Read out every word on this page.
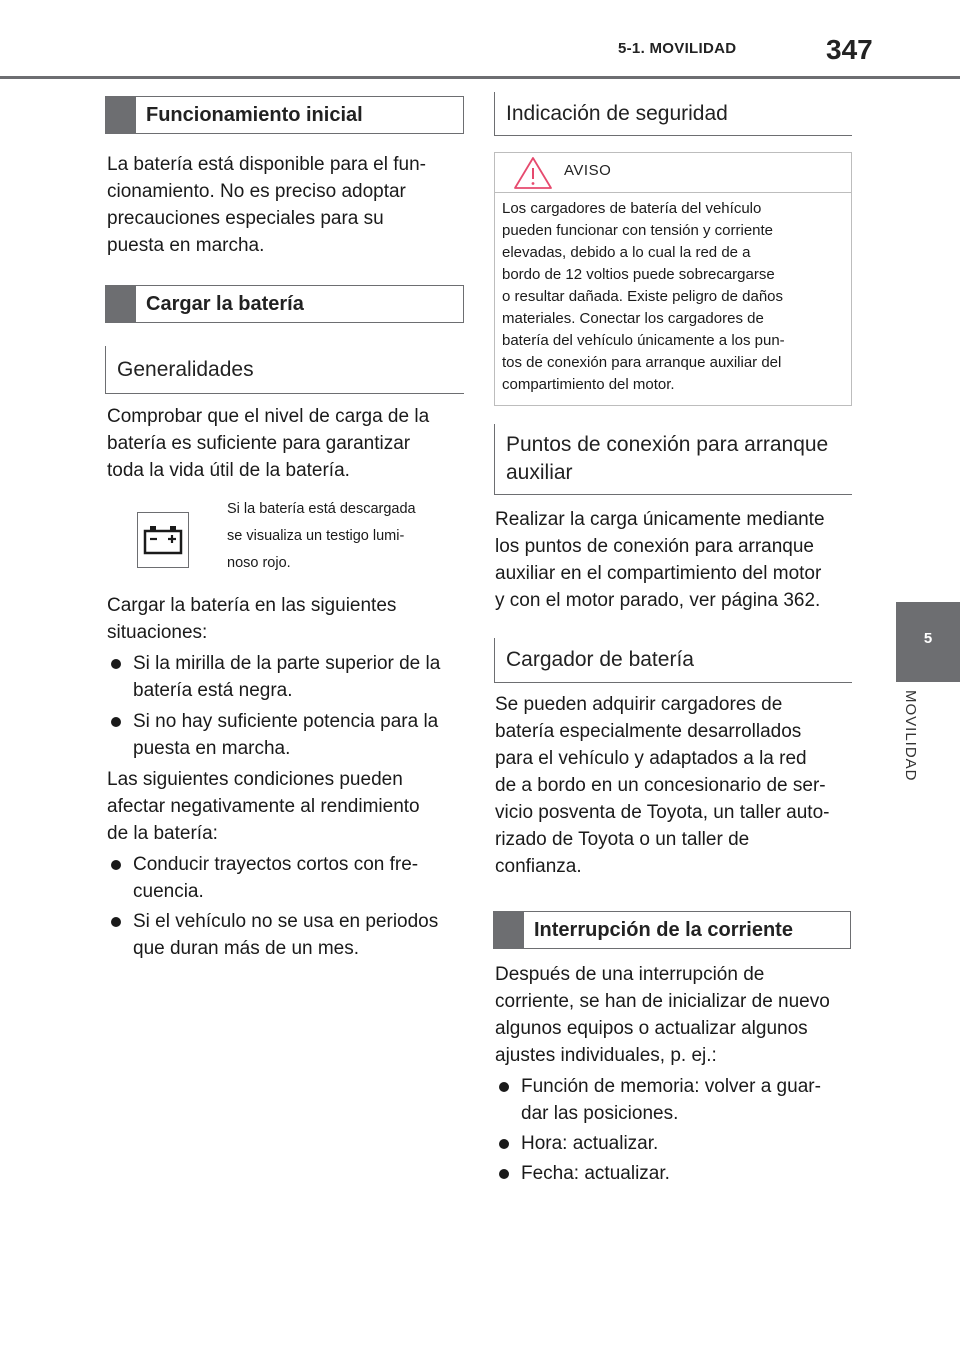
5-1. MOVILIDAD	347
5
MOVILIDAD
Funcionamiento inicial
La batería está disponible para el fun-
cionamiento. No es preciso adoptar
precauciones especiales para su
puesta en marcha.
Cargar la batería
Generalidades
Comprobar que el nivel de carga de la
batería es suficiente para garantizar
toda la vida útil de la batería.
Si la batería está descargada
se visualiza un testigo lumi-
noso rojo.
Cargar la batería en las siguientes
situaciones:
Si la mirilla de la parte superior de la
batería está negra.
Si no hay suficiente potencia para la
puesta en marcha.
Las siguientes condiciones pueden
afectar negativamente al rendimiento
de la batería:
Conducir trayectos cortos con fre-
cuencia.
Si el vehículo no se usa en periodos
que duran más de un mes.
Indicación de seguridad
AVISO
Los cargadores de batería del vehículo
pueden funcionar con tensión y corriente
elevadas, debido a lo cual la red de a
bordo de 12 voltios puede sobrecargarse
o resultar dañada. Existe peligro de daños
materiales. Conectar los cargadores de
batería del vehículo únicamente a los pun-
tos de conexión para arranque auxiliar del
compartimiento del motor.
Puntos de conexión para arranque
auxiliar
Realizar la carga únicamente mediante
los puntos de conexión para arranque
auxiliar en el compartimiento del motor
y con el motor parado, ver página 362.
Cargador de batería
Se pueden adquirir cargadores de
batería especialmente desarrollados
para el vehículo y adaptados a la red
de a bordo en un concesionario de ser-
vicio posventa de Toyota, un taller auto-
rizado de Toyota o un taller de
confianza.
Interrupción de la corriente
Después de una interrupción de
corriente, se han de inicializar de nuevo
algunos equipos o actualizar algunos
ajustes individuales, p. ej.:
Función de memoria: volver a guar-
dar las posiciones.
Hora: actualizar.
Fecha: actualizar.
